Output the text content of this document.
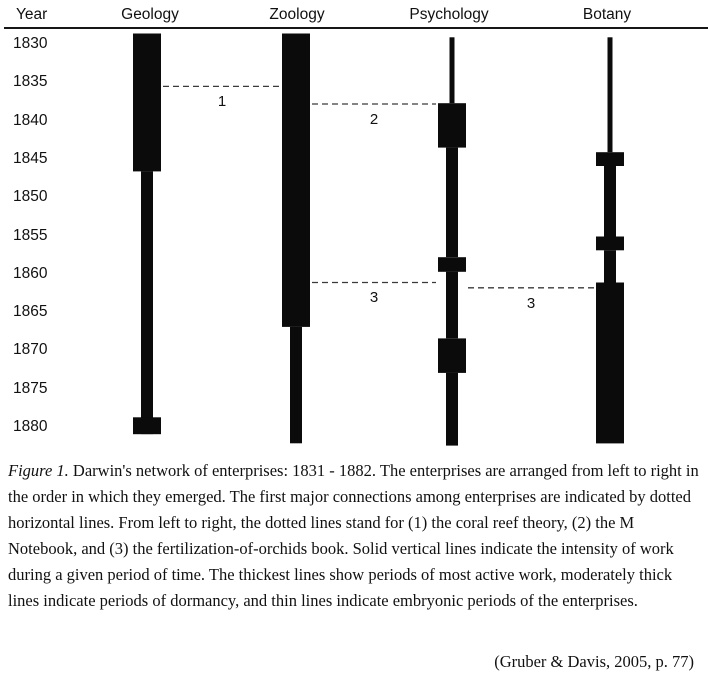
Year	Geology	Zoology	Psychology	Botany
1830
1835
1840
1845
1850
1855
1860
1865
1870
1875
1880
1
2
3	3

Figure 1. Darwin's network of enterprises: 1831 - 1882. The enterprises are arranged from left to right in the order in which they emerged. The first major connections among enterprises are indicated by dotted horizontal lines. From left to right, the dotted lines stand for (1) the coral reef theory, (2) the M Notebook, and (3) the fertilization-of-orchids book. Solid vertical lines indicate the intensity of work during a given period of time. The thickest lines show periods of most active work, moderately thick lines indicate periods of dormancy, and thin lines indicate embryonic periods of the enterprises.

(Gruber & Davis, 2005, p. 77)
